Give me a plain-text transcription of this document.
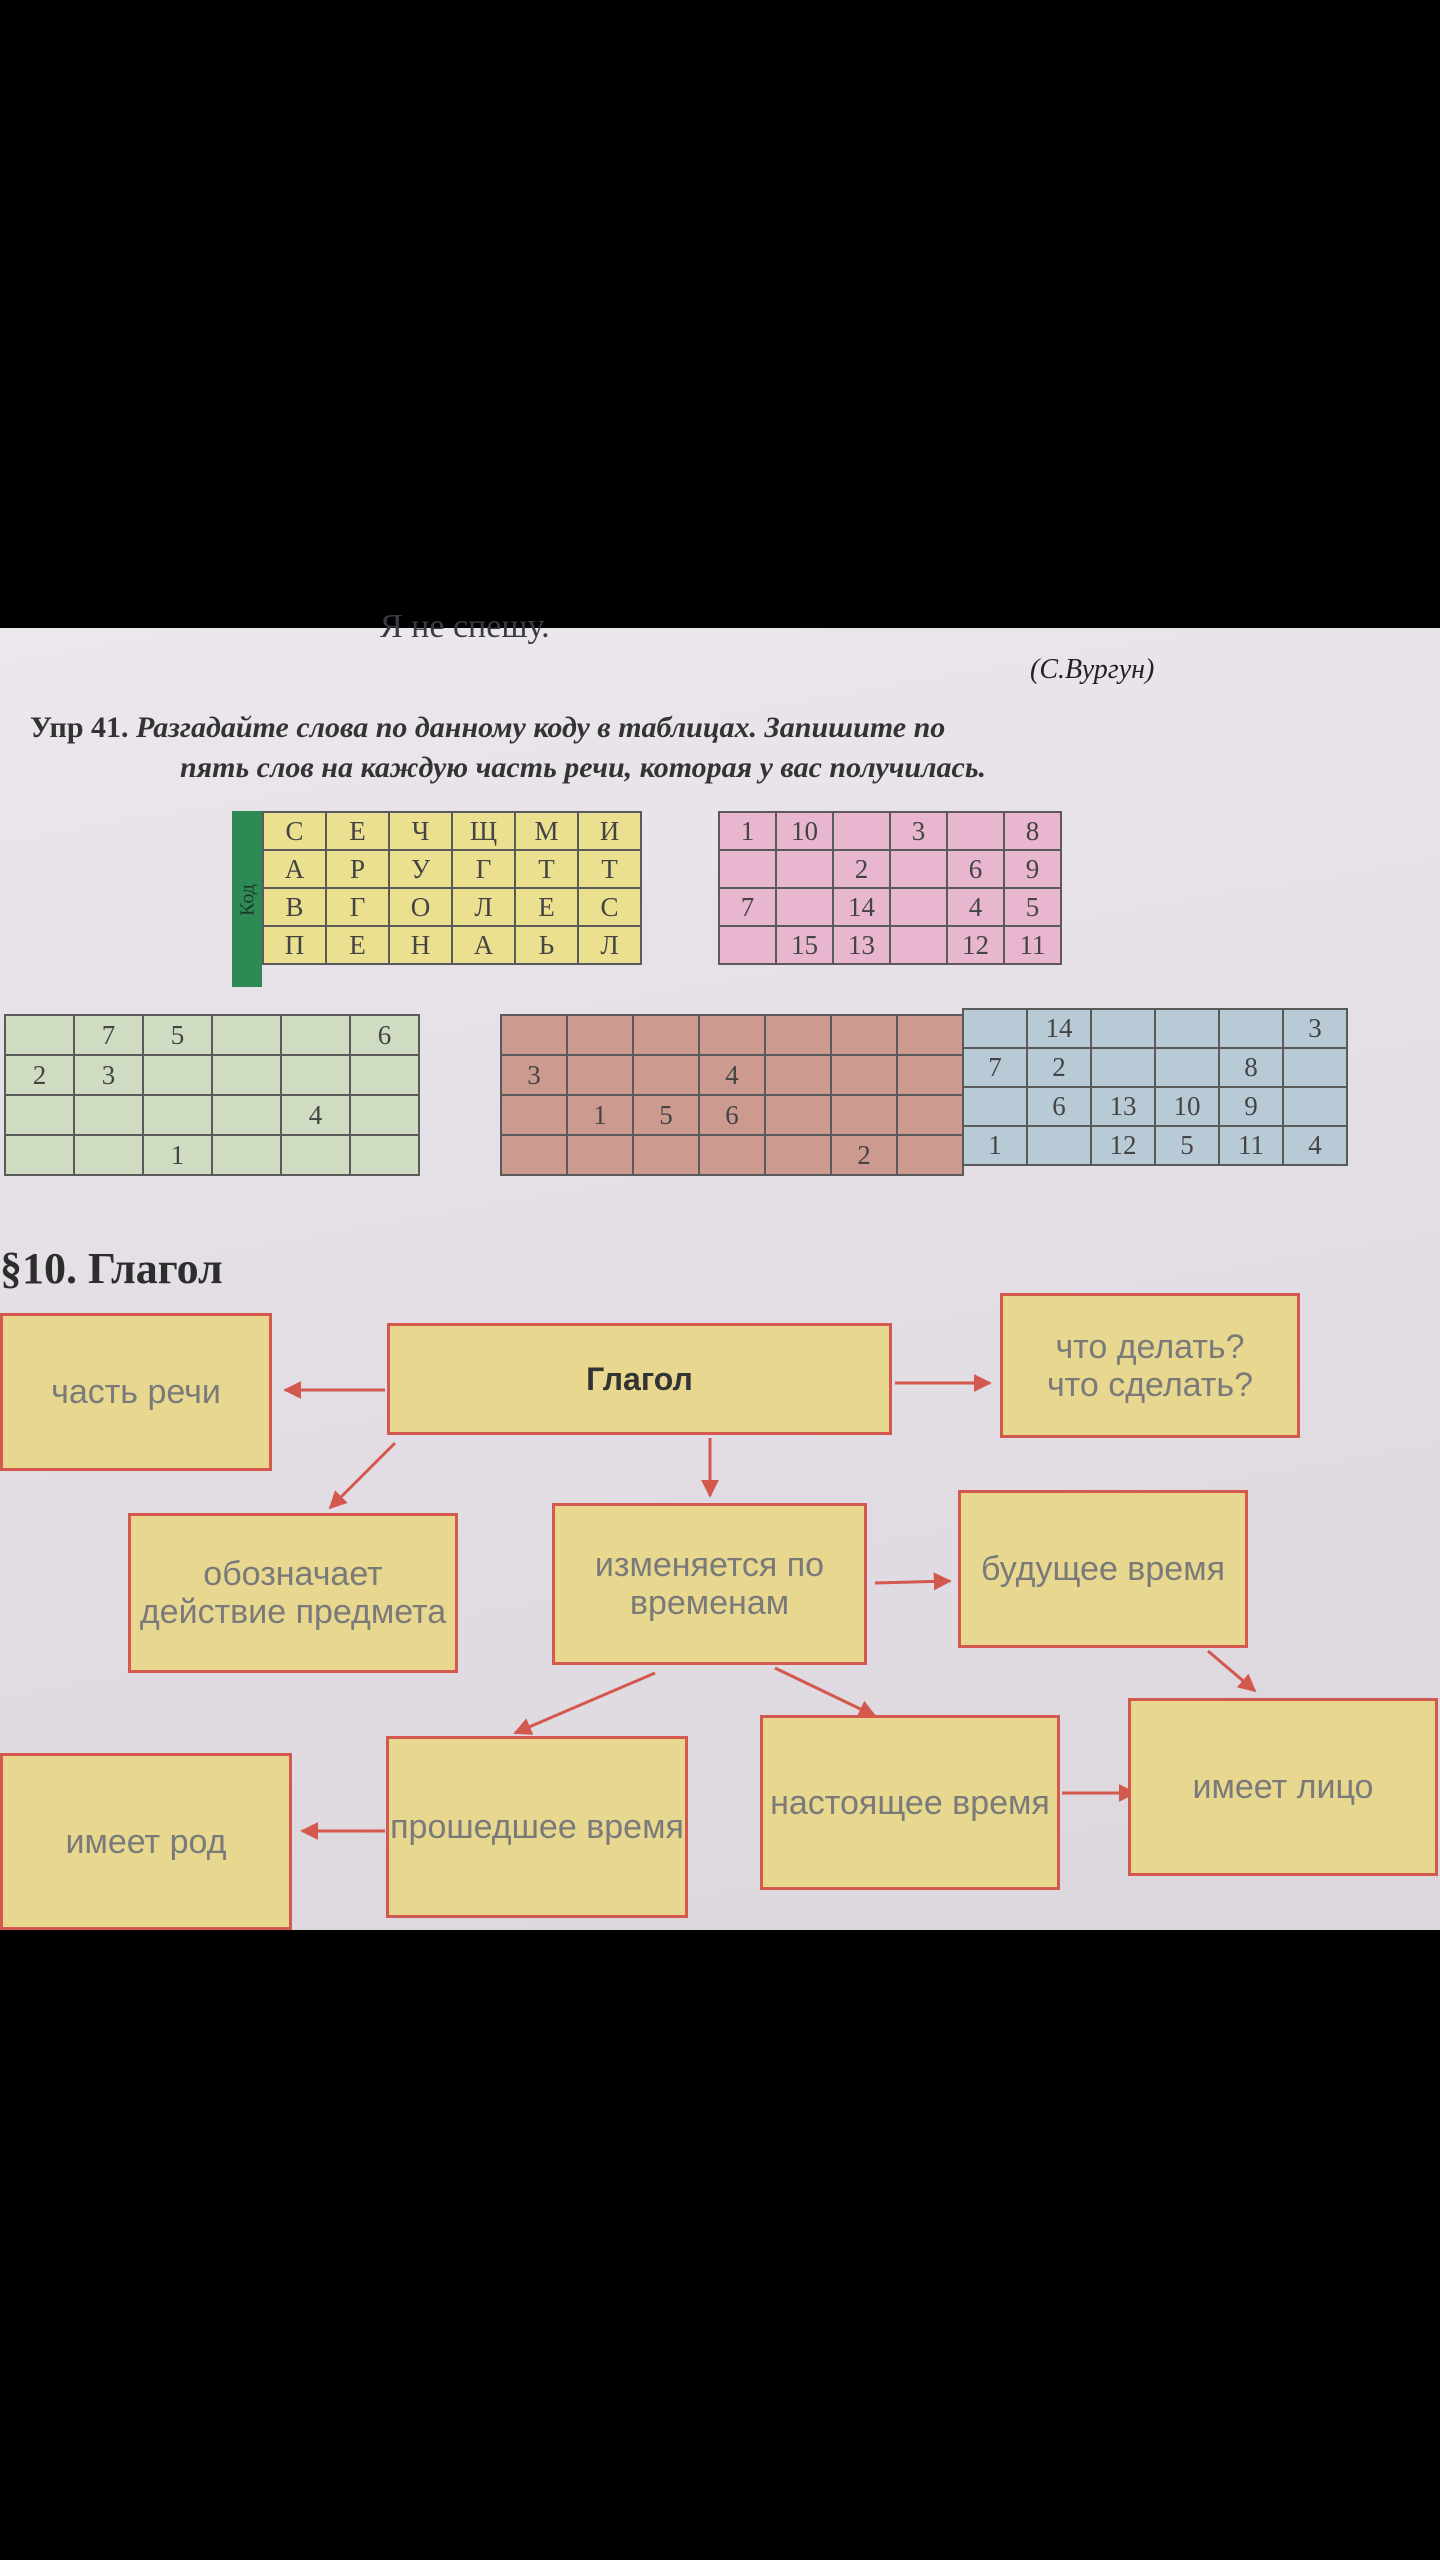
Я не спешу.
(С.Вургун)
Упр 41. Разгадайте слова по данному коду в таблицах. Запишите по
пять слов на каждую часть речи, которая у вас получилась.
Код
С	Е	Ч	Щ	М	И
А	Р	У	Г	Т	Т
В	Г	О	Л	Е	С
П	Е	Н	А	Ь	Л
1	10		3		8
		2		6	9
7		14		4	5
	15	13		12	11
	7	5			6
2	3				
				4	
		1			

3			4			
	1	5	6			
					2	
	14				3
7	2			8	
	6	13	10	9	
1		12	5	11	4
§10. Глагол
Глагол
часть речи
что делать?
что сделать?
обозначает действие предмета
изменяется по временам
будущее время
имеет род	прошедшее время
настоящее время	имеет лицо
